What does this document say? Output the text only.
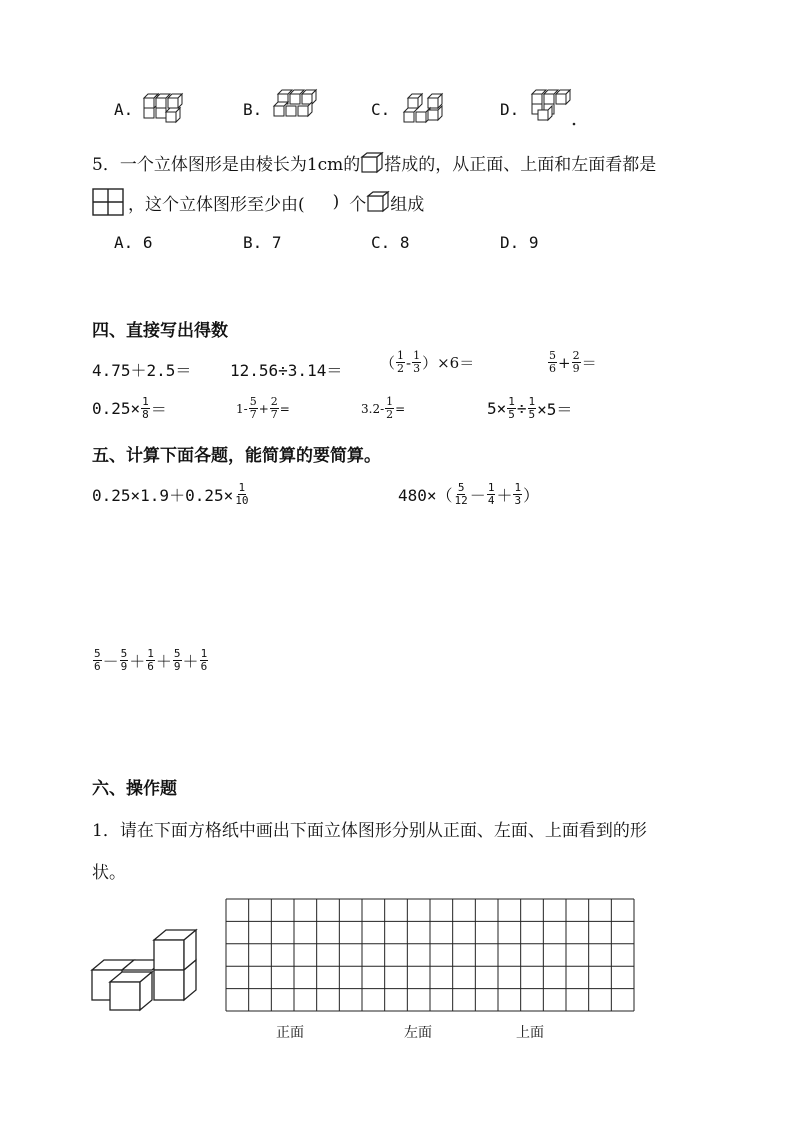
A.	B.	C.	D.
5．一个立体图形是由棱长为1cm的 搭成的，从正面、上面和左面看都是
，这个立体图形至少由( ) 个 组成
A. 6	B. 7	C. 8	D. 9
四、直接写出得数
4.75＋2.5＝ 12.56÷3.14＝	（ $\frac{1}{2} - \frac{1}{3} )\times 6=$	$\frac{5}{6} + \frac{2}{9}$ ＝
$0.25\times \frac{1}{8}$ ＝	$1- \frac{5}{7} + \frac{2}{7}$ =	$3.2- \frac{1}{2}$ =	$5\times \frac{1}{5} \div \frac{1}{5} \times 5=$
五、计算下面各题，能简算的要简算。
$0.25\times 1.9+0.25\times \frac{1}{10}$	$480\times( \frac{5}{12} - \frac{1}{4} + \frac{1}{3}$ ）
$\frac{5}{6} - \frac{5}{9} + \frac{1}{6} + \frac{5}{9} + \frac{1}{6}$
六、操作题
1．请在下面方格纸中画出下面立体图形分别从正面、左面、上面看到的形
状。
正面	左面	上面
